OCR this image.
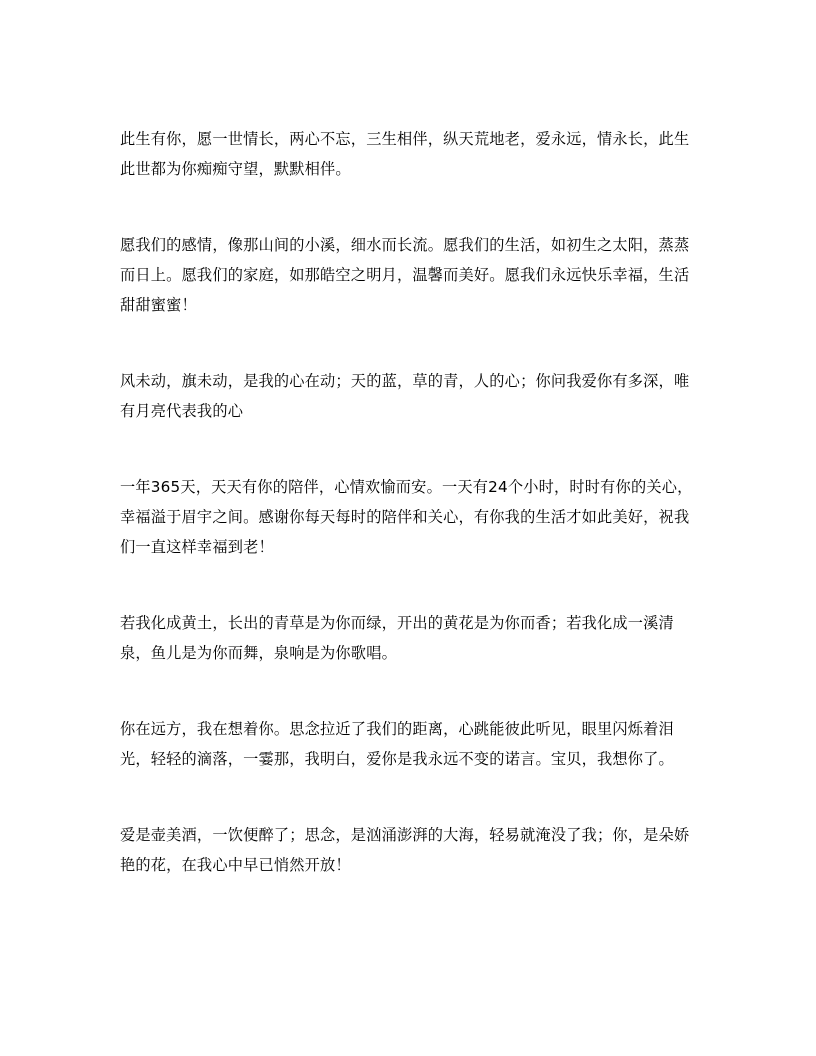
此生有你，愿一世情长，两心不忘，三生相伴，纵天荒地老，爱永远，情永长，此生此世都为你痴痴守望，默默相伴。

愿我们的感情，像那山间的小溪，细水而长流。愿我们的生活，如初生之太阳，蒸蒸而日上。愿我们的家庭，如那皓空之明月，温馨而美好。愿我们永远快乐幸福，生活甜甜蜜蜜！

风未动，旗未动，是我的心在动；天的蓝，草的青，人的心；你问我爱你有多深，唯有月亮代表我的心

一年365天，天天有你的陪伴，心情欢愉而安。一天有24个小时，时时有你的关心，幸福溢于眉宇之间。感谢你每天每时的陪伴和关心，有你我的生活才如此美好，祝我们一直这样幸福到老！

若我化成黄土，长出的青草是为你而绿，开出的黄花是为你而香；若我化成一溪清泉，鱼儿是为你而舞，泉响是为你歌唱。

你在远方，我在想着你。思念拉近了我们的距离，心跳能彼此听见，眼里闪烁着泪光，轻轻的滴落，一霎那，我明白，爱你是我永远不变的诺言。宝贝，我想你了。

爱是壶美酒，一饮便醉了；思念，是汹涌澎湃的大海，轻易就淹没了我；你，是朵娇艳的花，在我心中早已悄然开放！
